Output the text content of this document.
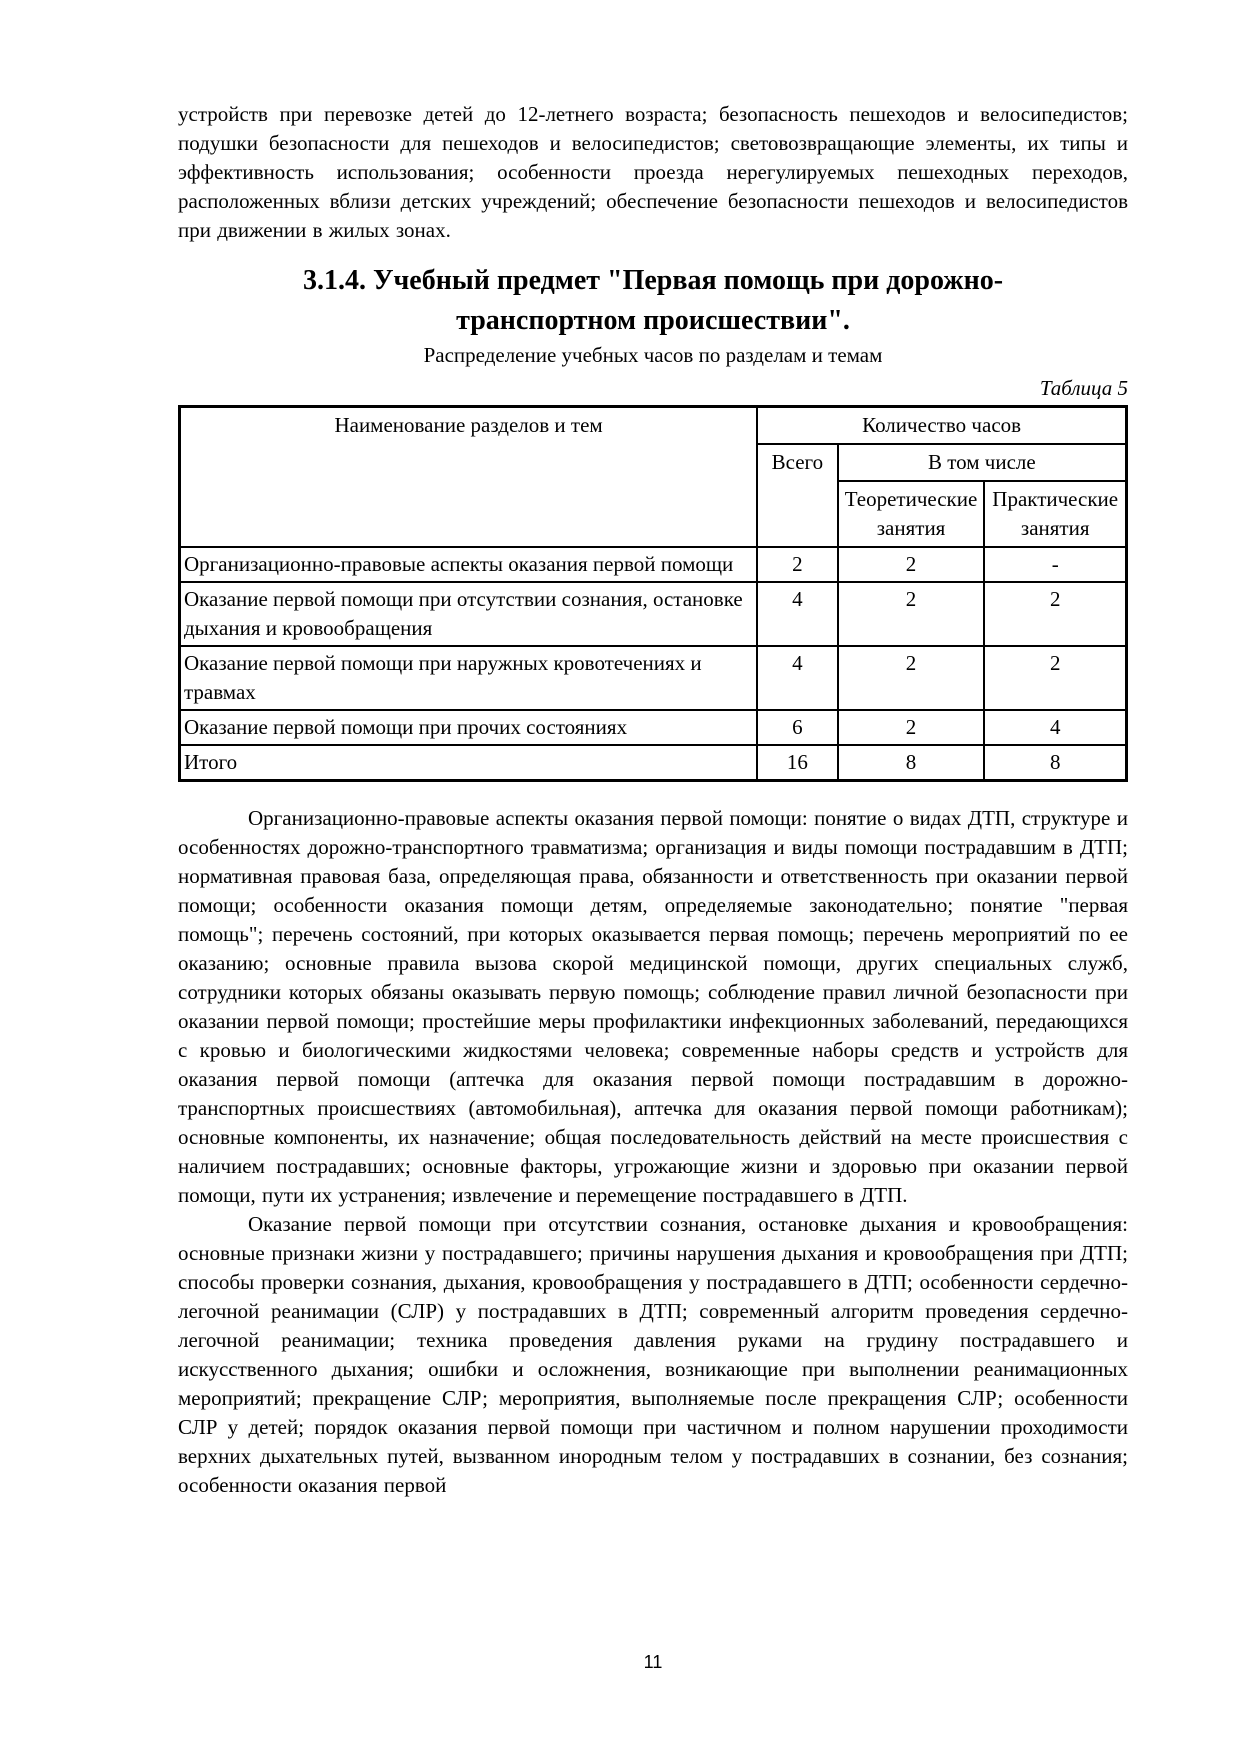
устройств при перевозке детей до 12-летнего возраста; безопасность пешеходов и велосипедистов; подушки безопасности для пешеходов и велосипедистов; световозвращающие элементы, их типы и эффективность использования; особенности проезда нерегулируемых пешеходных переходов, расположенных вблизи детских учреждений; обеспечение безопасности пешеходов и велосипедистов при движении в жилых зонах.

3.1.4. Учебный предмет "Первая помощь при дорожно-транспортном происшествии".

Распределение учебных часов по разделам и темам

Таблица 5

Наименование разделов и тем	Количество часов		
	Всего	В том числе	
		Теоретические занятия	Практические занятия
Организационно-правовые аспекты оказания первой помощи	2	2	-
Оказание первой помощи при отсутствии сознания, остановке дыхания и кровообращения	4	2	2
Оказание первой помощи при наружных кровотечениях и травмах	4	2	2
Оказание первой помощи при прочих состояниях	6	2	4
Итого	16	8	8

Организационно-правовые аспекты оказания первой помощи: понятие о видах ДТП, структуре и особенностях дорожно-транспортного травматизма; организация и виды помощи пострадавшим в ДТП; нормативная правовая база, определяющая права, обязанности и ответственность при оказании первой помощи; особенности оказания помощи детям, определяемые законодательно; понятие "первая помощь"; перечень состояний, при которых оказывается первая помощь; перечень мероприятий по ее оказанию; основные правила вызова скорой медицинской помощи, других специальных служб, сотрудники которых обязаны оказывать первую помощь; соблюдение правил личной безопасности при оказании первой помощи; простейшие меры профилактики инфекционных заболеваний, передающихся с кровью и биологическими жидкостями человека; современные наборы средств и устройств для оказания первой помощи (аптечка для оказания первой помощи пострадавшим в дорожно-транспортных происшествиях (автомобильная), аптечка для оказания первой помощи работникам); основные компоненты, их назначение; общая последовательность действий на месте происшествия с наличием пострадавших; основные факторы, угрожающие жизни и здоровью при оказании первой помощи, пути их устранения; извлечение и перемещение пострадавшего в ДТП.

Оказание первой помощи при отсутствии сознания, остановке дыхания и кровообращения: основные признаки жизни у пострадавшего; причины нарушения дыхания и кровообращения при ДТП; способы проверки сознания, дыхания, кровообращения у пострадавшего в ДТП; особенности сердечно-легочной реанимации (СЛР) у пострадавших в ДТП; современный алгоритм проведения сердечно-легочной реанимации; техника проведения давления руками на грудину пострадавшего и искусственного дыхания; ошибки и осложнения, возникающие при выполнении реанимационных мероприятий; прекращение СЛР; мероприятия, выполняемые после прекращения СЛР; особенности СЛР у детей; порядок оказания первой помощи при частичном и полном нарушении проходимости верхних дыхательных путей, вызванном инородным телом у пострадавших в сознании, без сознания; особенности оказания первой

11
